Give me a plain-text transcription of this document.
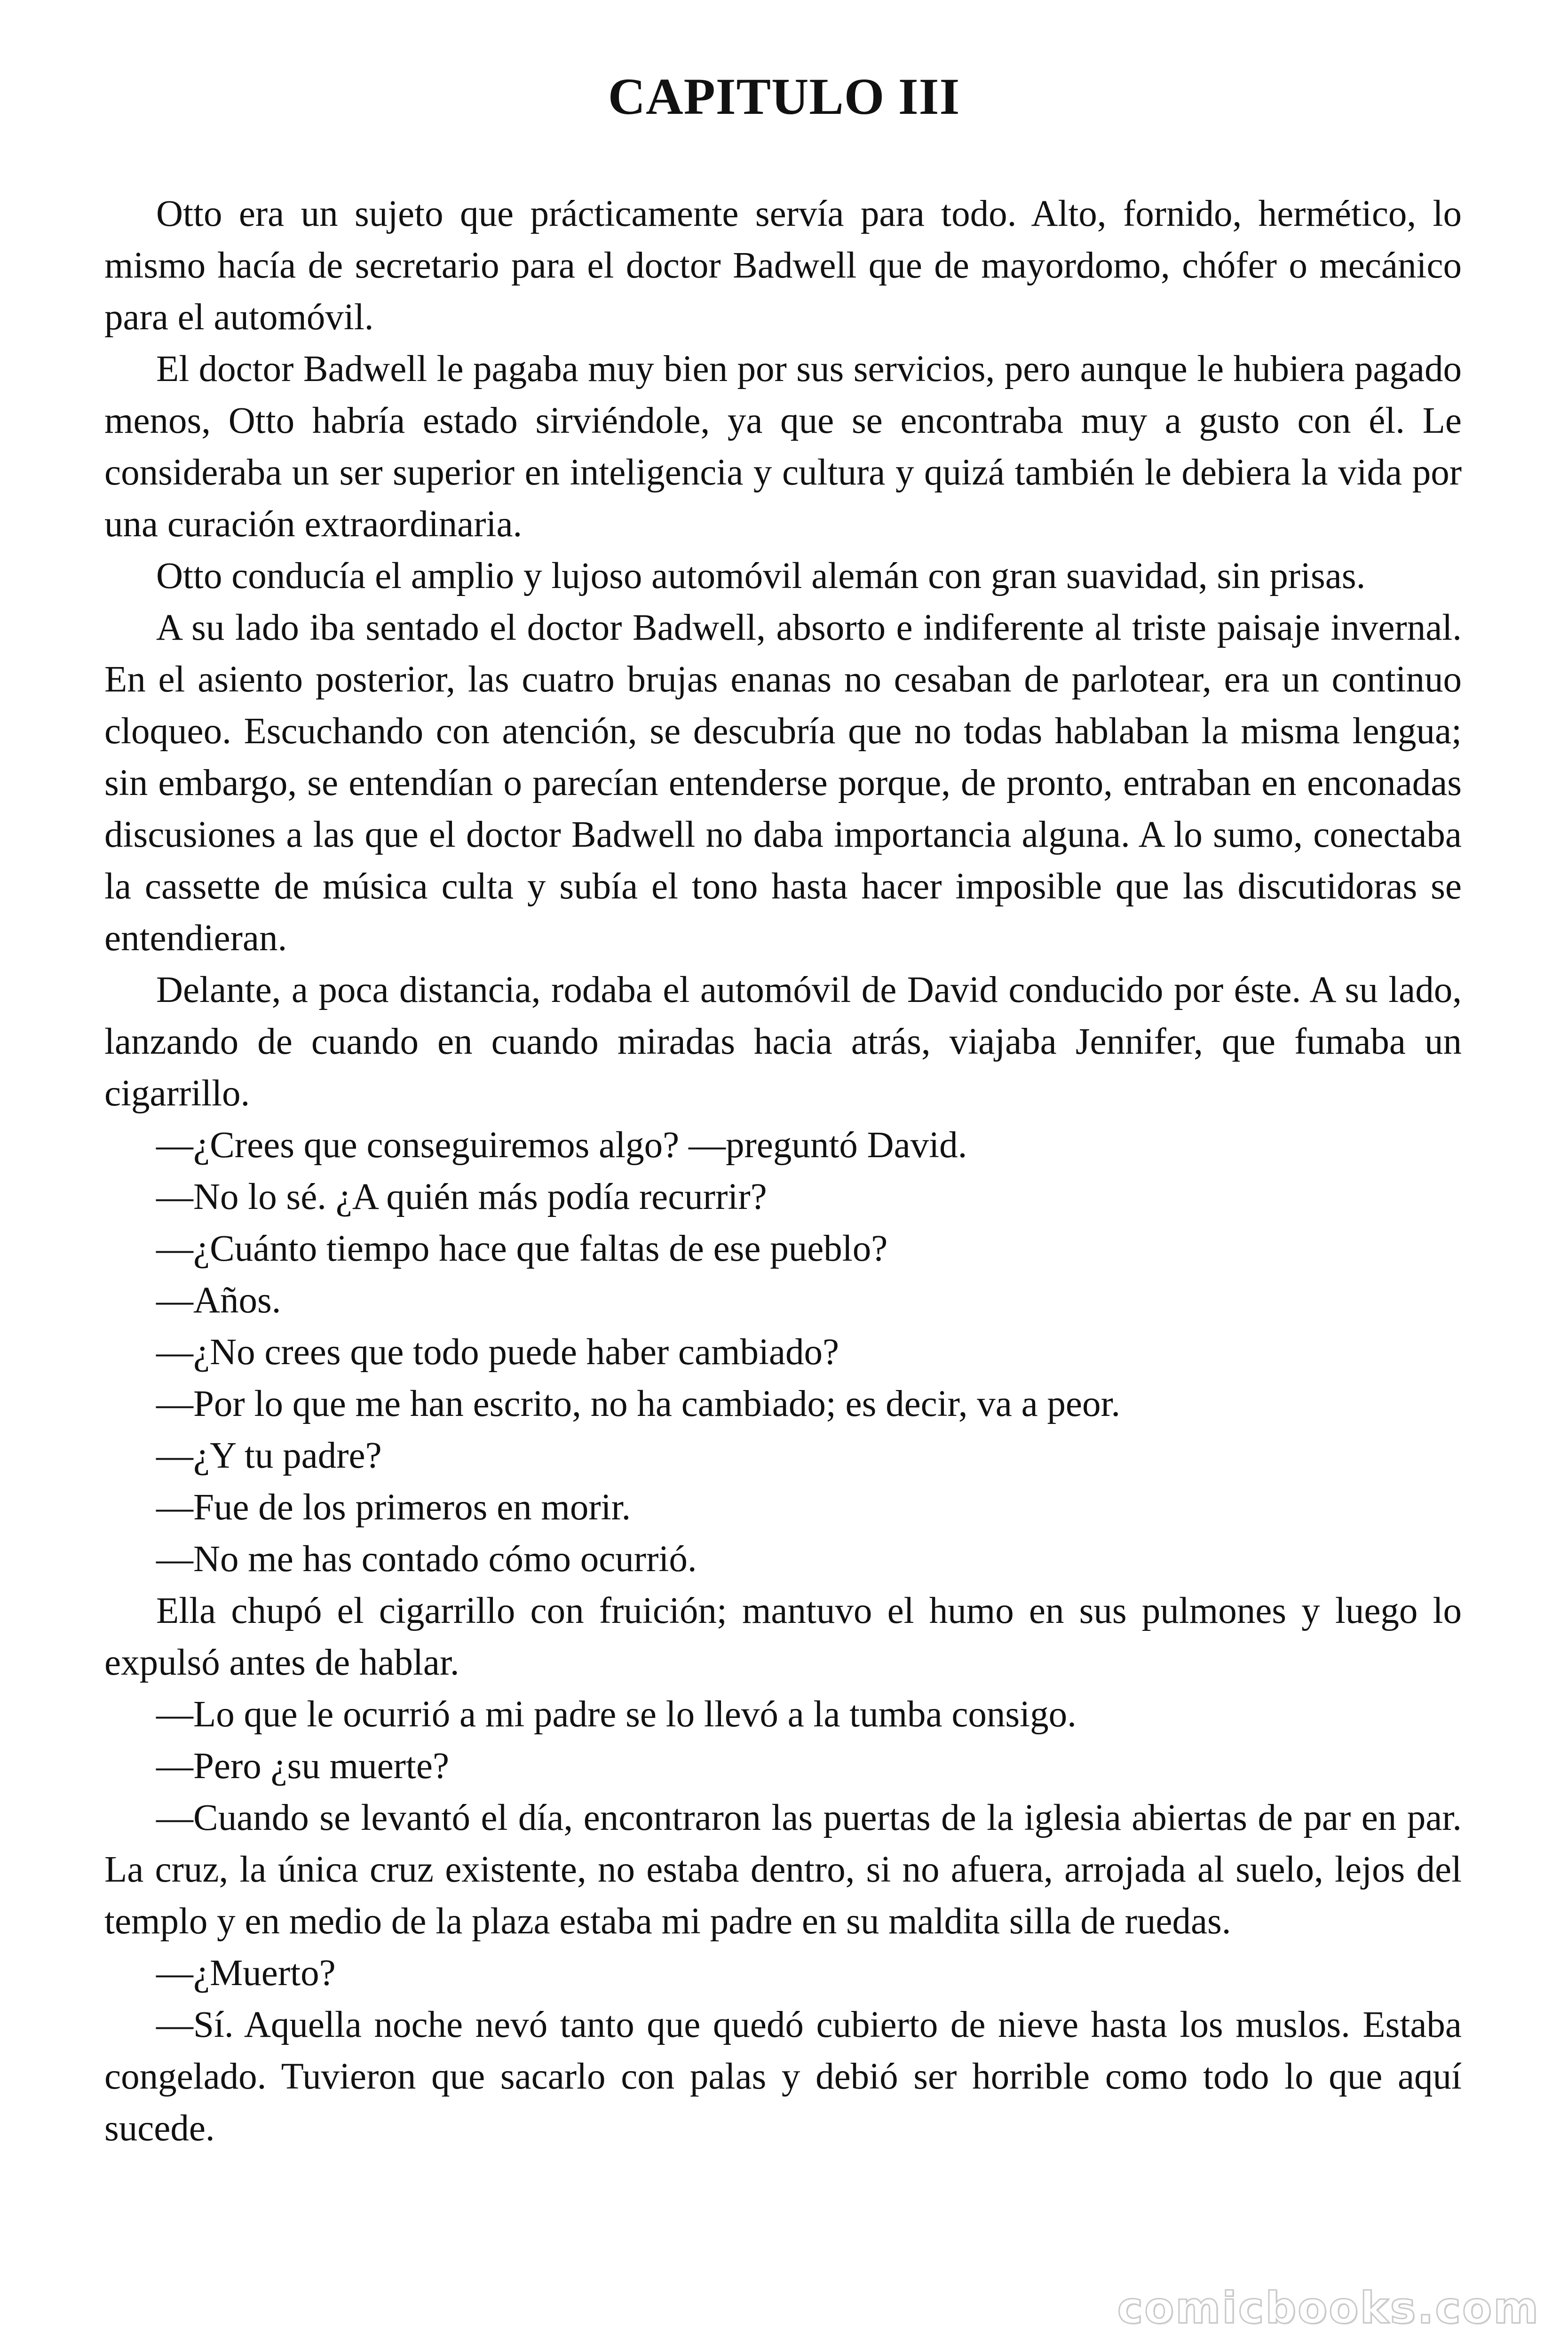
CAPITULO III

Otto era un sujeto que prácticamente servía para todo. Alto, fornido, hermético, lo mismo hacía de secretario para el doctor Badwell que de mayordomo, chófer o mecánico para el automóvil.

El doctor Badwell le pagaba muy bien por sus servicios, pero aunque le hubiera pagado menos, Otto habría estado sirviéndole, ya que se encontraba muy a gusto con él. Le consideraba un ser superior en inteligencia y cultura y quizá también le debiera la vida por una curación extraordinaria.

Otto conducía el amplio y lujoso automóvil alemán con gran suavidad, sin prisas.

A su lado iba sentado el doctor Badwell, absorto e indiferente al triste paisaje invernal. En el asiento posterior, las cuatro brujas enanas no cesaban de parlotear, era un continuo cloqueo. Escuchando con atención, se descubría que no todas hablaban la misma lengua; sin embargo, se entendían o parecían entenderse porque, de pronto, entraban en enconadas discusiones a las que el doctor Badwell no daba importancia alguna. A lo sumo, conectaba la cassette de música culta y subía el tono hasta hacer imposible que las discutidoras se entendieran.

Delante, a poca distancia, rodaba el automóvil de David conducido por éste. A su lado, lanzando de cuando en cuando miradas hacia atrás, viajaba Jennifer, que fumaba un cigarrillo.

—¿Crees que conseguiremos algo? —preguntó David.

—No lo sé. ¿A quién más podía recurrir?

—¿Cuánto tiempo hace que faltas de ese pueblo?

—Años.

—¿No crees que todo puede haber cambiado?

—Por lo que me han escrito, no ha cambiado; es decir, va a peor.

—¿Y tu padre?

—Fue de los primeros en morir.

—No me has contado cómo ocurrió.

Ella chupó el cigarrillo con fruición; mantuvo el humo en sus pulmones y luego lo expulsó antes de hablar.

—Lo que le ocurrió a mi padre se lo llevó a la tumba consigo.

—Pero ¿su muerte?

—Cuando se levantó el día, encontraron las puertas de la iglesia abiertas de par en par. La cruz, la única cruz existente, no estaba dentro, si no afuera, arrojada al suelo, lejos del templo y en medio de la plaza estaba mi padre en su maldita silla de ruedas.

—¿Muerto?

—Sí. Aquella noche nevó tanto que quedó cubierto de nieve hasta los muslos. Estaba congelado. Tuvieron que sacarlo con palas y debió ser horrible como todo lo que aquí sucede.

comicbooks.com
